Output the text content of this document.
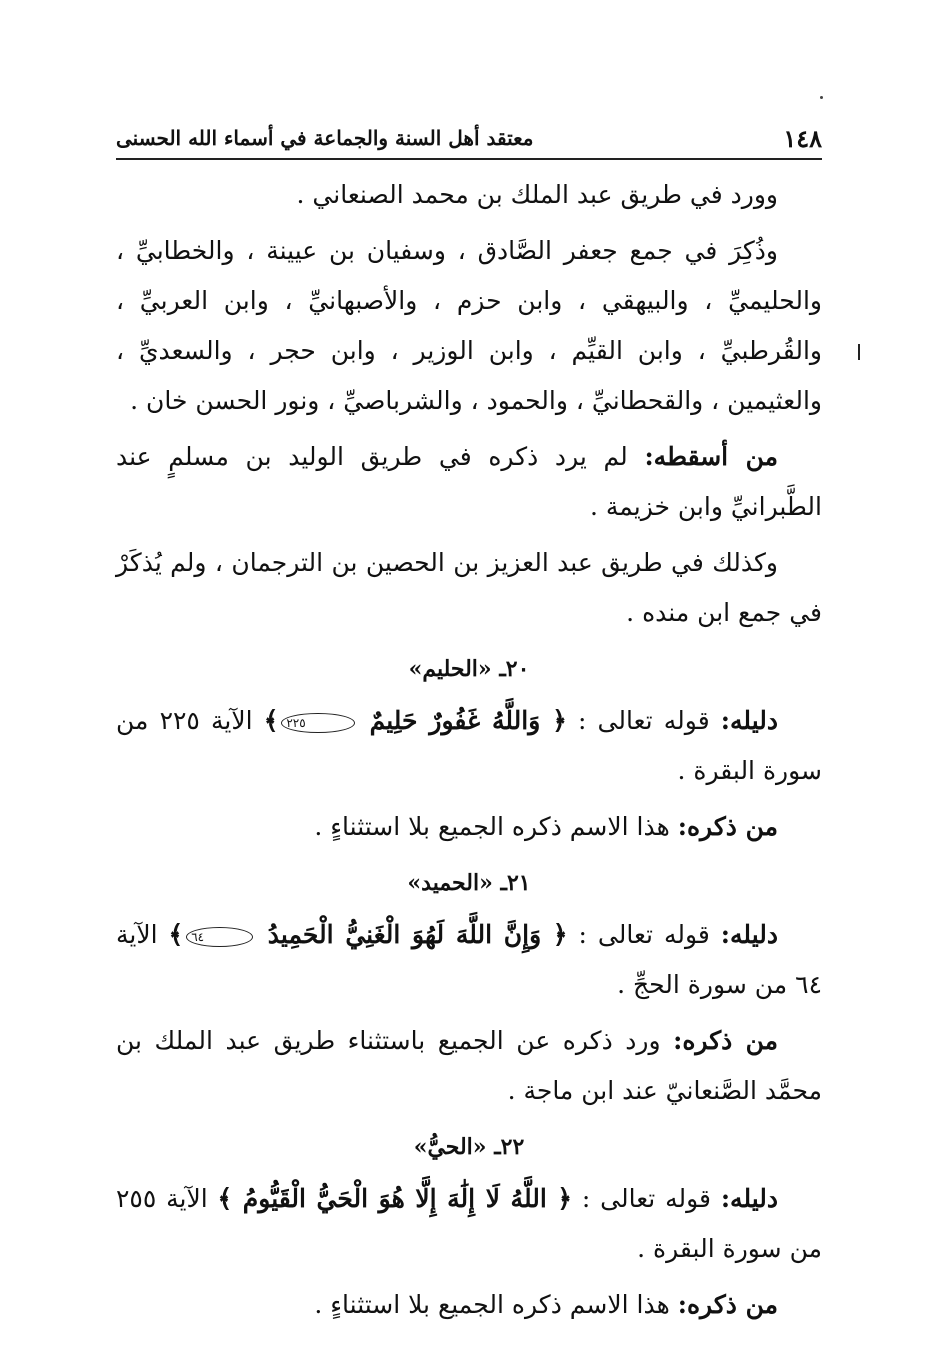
١٤٨
معتقد أهل السنة والجماعة في أسماء الله الحسنى

وورد في طريق عبد الملك بن محمد الصنعاني .

وذُكِرَ في جمع جعفر الصَّادق ، وسفيان بن عيينة ، والخطابيِّ ، والحليميِّ ، والبيهقي ، وابن حزم ، والأصبهانيِّ ، وابن العربيِّ ، والقُرطبيِّ ، وابن القيِّم ، وابن الوزير ، وابن حجر ، والسعديِّ ، والعثيمين ، والقحطانيِّ ، والحمود ، والشرباصيِّ ، ونور الحسن خان .

من أسقطه: لم يرد ذكره في طريق الوليد بن مسلمٍ عند الطَّبرانيِّ وابن خزيمة .

وكذلك في طريق عبد العزيز بن الحصين بن الترجمان ، ولم يُذكَرْ في جمع ابن منده .

٢٠ـ «الحليم»

دليله: قوله تعالى : ﴿ وَاللَّهُ غَفُورٌ حَلِيمٌ ٢٢٥﴾ الآية ٢٢٥ من سورة البقرة .

من ذكره: هذا الاسم ذكره الجميع بلا استثناءٍ .

٢١ـ «الحميد»

دليله: قوله تعالى : ﴿ وَإِنَّ اللَّهَ لَهُوَ الْغَنِيُّ الْحَمِيدُ ٦٤﴾ الآية ٦٤ من سورة الحجِّ .

من ذكره: ورد ذكره عن الجميع باستثناء طريق عبد الملك بن محمَّد الصَّنعانيّ عند ابن ماجة .

٢٢ـ «الحيُّ»

دليله: قوله تعالى : ﴿ اللَّهُ لَا إِلَٰهَ إِلَّا هُوَ الْحَيُّ الْقَيُّومُ ﴾ الآية ٢٥٥ من سورة البقرة .

من ذكره: هذا الاسم ذكره الجميع بلا استثناءٍ .
